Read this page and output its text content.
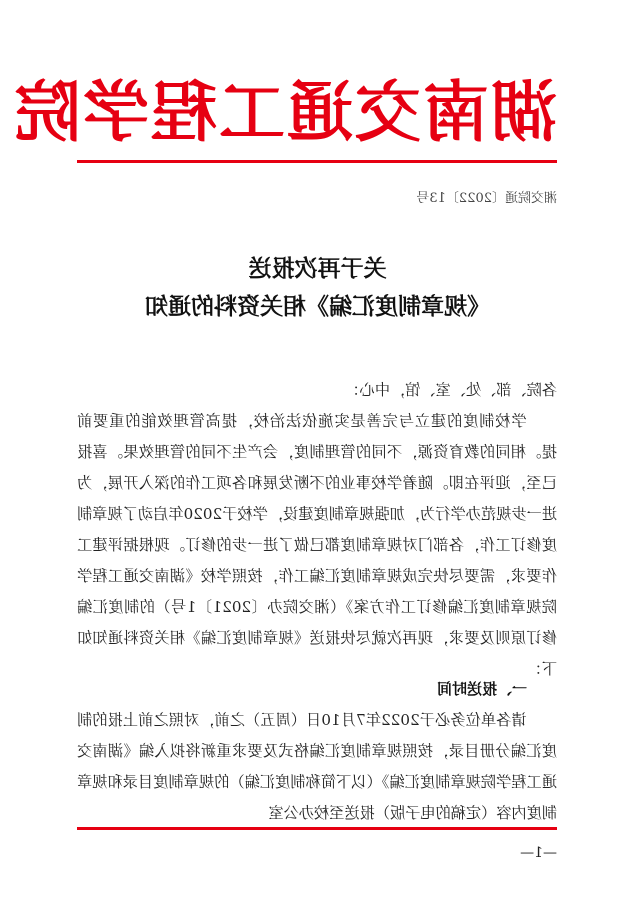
湖南交通工程学院
湘交院通〔2022〕13号
关于再次报送
《规章制度汇编》相关资料的通知
各院、部、处、室、馆，中心：
学校制度的建立与完善是实施依法治校，提高管理效能的重要前提。相同的教育资源，不同的管理制度，会产生不同的管理效果。喜报已至，迎评在即。随着学校事业的不断发展和各项工作的深入开展，为进一步规范办学行为，加强规章制度建设，学校于2020年启动了规章制度修订工作，各部门对规章制度都已做了进一步的修订。现根据评建工作要求，需要尽快完成规章制度汇编工作，按照学校《湖南交通工程学院规章制度汇编修订工作方案》（湘交院办〔2021〕1号）的制度汇编修订原则及要求，现再次就尽快报送《规章制度汇编》相关资料通知如下：
一、报送时间
请各单位务必于2022年7月10日（周五）之前，对照之前上报的制度汇编分册目录，按照规章制度汇编格式及要求重新将拟入编《湖南交通工程学院规章制度汇编》（以下简称制度汇编）的规章制度目录和规章制度内容（定稿的电子版）报送至校办公室
—1—
